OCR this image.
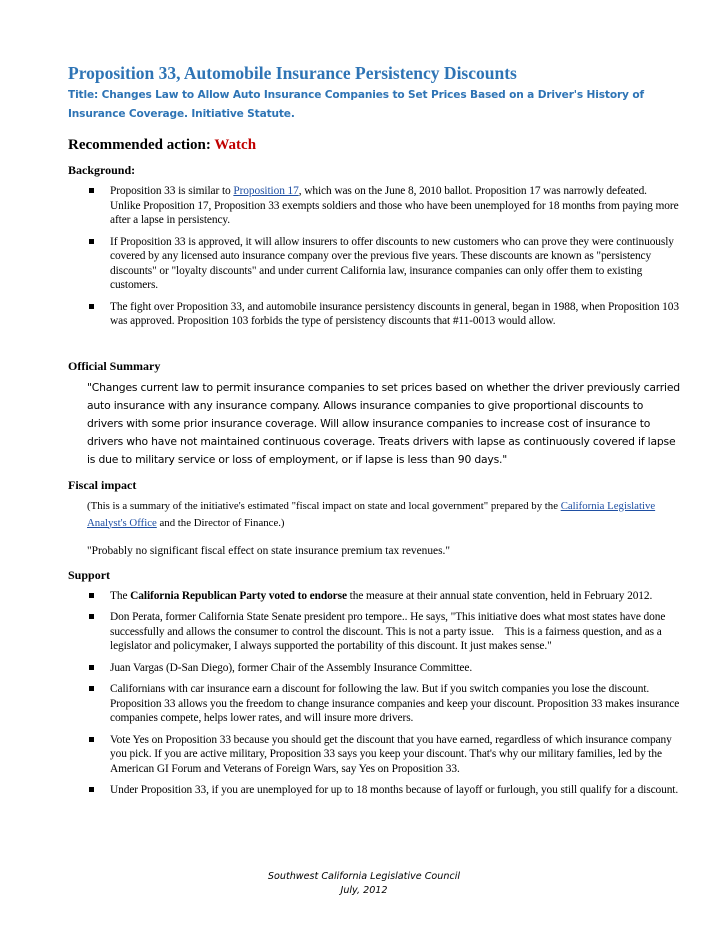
Proposition 33, Automobile Insurance Persistency Discounts

Title: Changes Law to Allow Auto Insurance Companies to Set Prices Based on a Driver's History of Insurance Coverage. Initiative Statute.

Recommended action: Watch

Background:
Proposition 33 is similar to Proposition 17, which was on the June 8, 2010 ballot. Proposition 17 was narrowly defeated. Unlike Proposition 17, Proposition 33 exempts soldiers and those who have been unemployed for 18 months from paying more after a lapse in persistency.
If Proposition 33 is approved, it will allow insurers to offer discounts to new customers who can prove they were continuously covered by any licensed auto insurance company over the previous five years. These discounts are known as "persistency discounts" or "loyalty discounts" and under current California law, insurance companies can only offer them to existing customers.
The fight over Proposition 33, and automobile insurance persistency discounts in general, began in 1988, when Proposition 103 was approved. Proposition 103 forbids the type of persistency discounts that #11-0013 would allow.
Official Summary

"Changes current law to permit insurance companies to set prices based on whether the driver previously carried auto insurance with any insurance company. Allows insurance companies to give proportional discounts to drivers with some prior insurance coverage. Will allow insurance companies to increase cost of insurance to drivers who have not maintained continuous coverage. Treats drivers with lapse as continuously covered if lapse is due to military service or loss of employment, or if lapse is less than 90 days."

Fiscal impact

(This is a summary of the initiative's estimated "fiscal impact on state and local government" prepared by the California Legislative Analyst's Office and the Director of Finance.)

"Probably no significant fiscal effect on state insurance premium tax revenues."

Support
The California Republican Party voted to endorse the measure at their annual state convention, held in February 2012.
Don Perata, former California State Senate president pro tempore.. He says, "This initiative does what most states have done successfully and allows the consumer to control the discount. This is not a party issue.    This is a fairness question, and as a legislator and policymaker, I always supported the portability of this discount. It just makes sense."
Juan Vargas (D-San Diego), former Chair of the Assembly Insurance Committee.
Californians with car insurance earn a discount for following the law. But if you switch companies you lose the discount. Proposition 33 allows you the freedom to change insurance companies and keep your discount. Proposition 33 makes insurance companies compete, helps lower rates, and will insure more drivers.
Vote Yes on Proposition 33 because you should get the discount that you have earned, regardless of which insurance company you pick. If you are active military, Proposition 33 says you keep your discount. That's why our military families, led by the American GI Forum and Veterans of Foreign Wars, say Yes on Proposition 33.
Under Proposition 33, if you are unemployed for up to 18 months because of layoff or furlough, you still qualify for a discount.
Southwest California Legislative Council
July, 2012
